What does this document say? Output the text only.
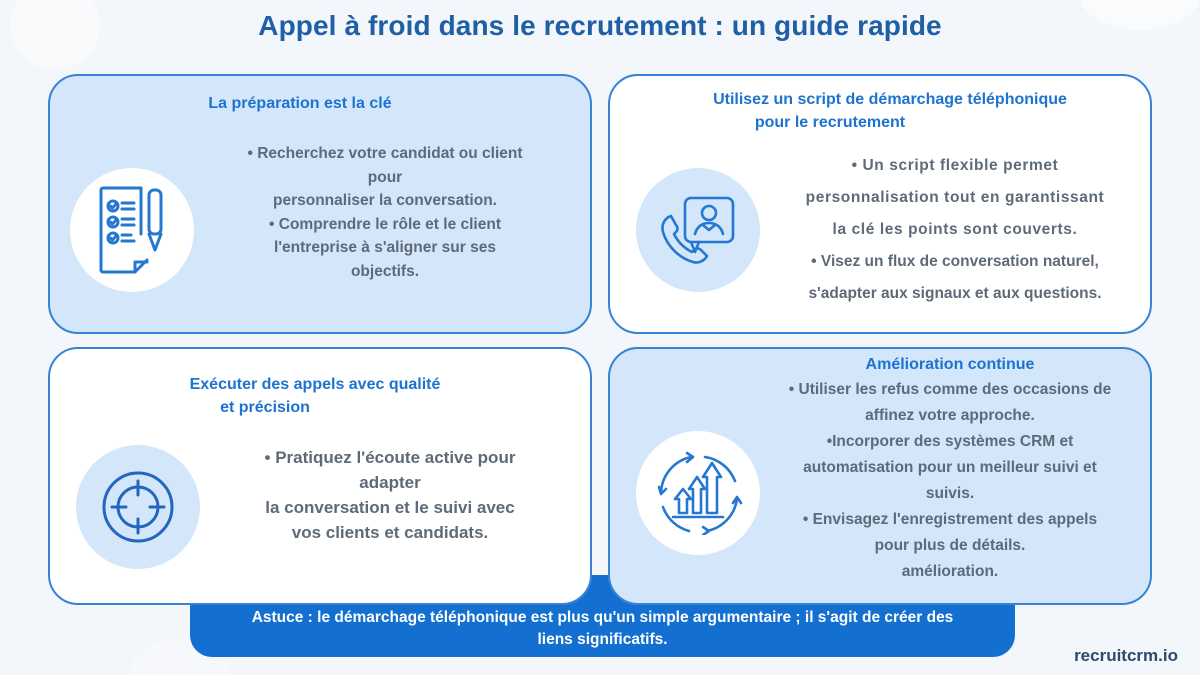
Appel à froid dans le recrutement : un guide rapide
La préparation est la clé

• Recherchez votre candidat ou client

pour

personnaliser la conversation.

• Comprendre le rôle et le client

l'entreprise à s'aligner sur ses

objectifs.

Utilisez un script de démarchage téléphonique
pour le recrutement

• Un script flexible permet

personnalisation tout en garantissant

la clé les points sont couverts.

• Visez un flux de conversation naturel,

s'adapter aux signaux et aux questions.

Exécuter des appels avec qualité
et précision

• Pratiquez l'écoute active pour

adapter

la conversation et le suivi avec

vos clients et candidats.

Amélioration continue

• Utiliser les refus comme des occasions de

affinez votre approche.

•Incorporer des systèmes CRM et

automatisation pour un meilleur suivi et

suivis.

• Envisagez l'enregistrement des appels

pour plus de détails.

amélioration.

Astuce : le démarchage téléphonique est plus qu'un simple argumentaire ; il s'agit de créer des
liens significatifs.
recruitcrm.io
